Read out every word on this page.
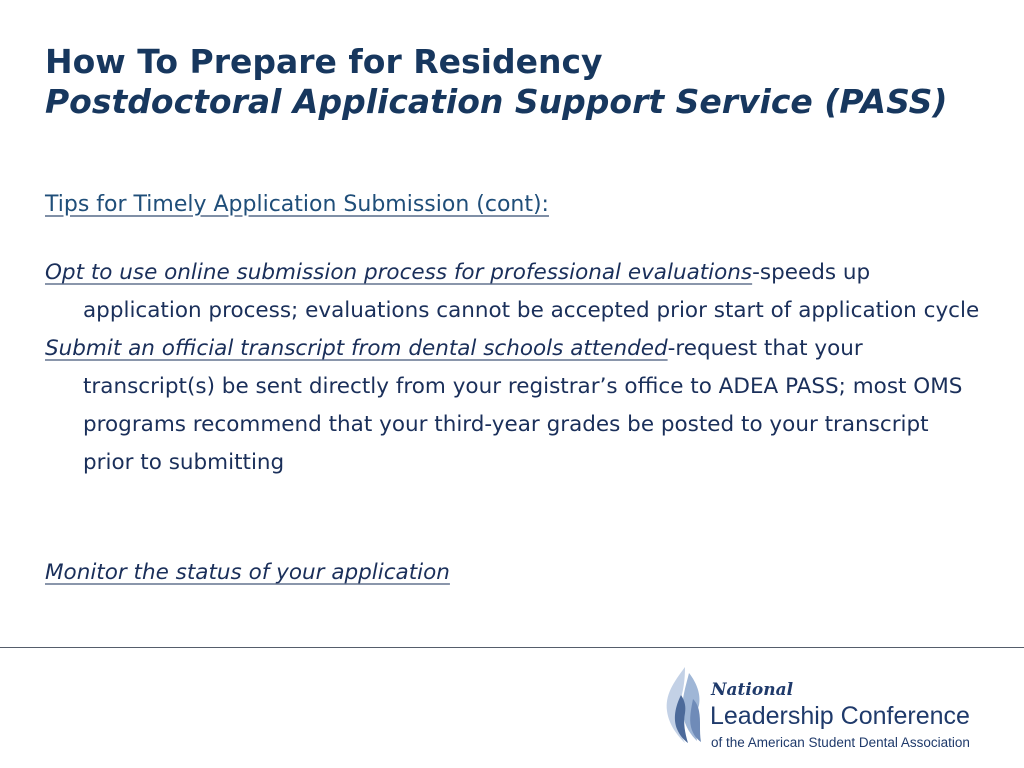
How To Prepare for Residency
Postdoctoral Application Support Service (PASS)
Tips for Timely Application Submission (cont):
Opt to use online submission process for professional evaluations-speeds up application process; evaluations cannot be accepted prior start of application cycle
Submit an official transcript from dental schools attended-request that your transcript(s) be sent directly from your registrar’s office to ADEA PASS; most OMS programs recommend that your third-year grades be posted to your transcript prior to submitting
Monitor the status of your application
National
Leadership Conference
of the American Student Dental Association
